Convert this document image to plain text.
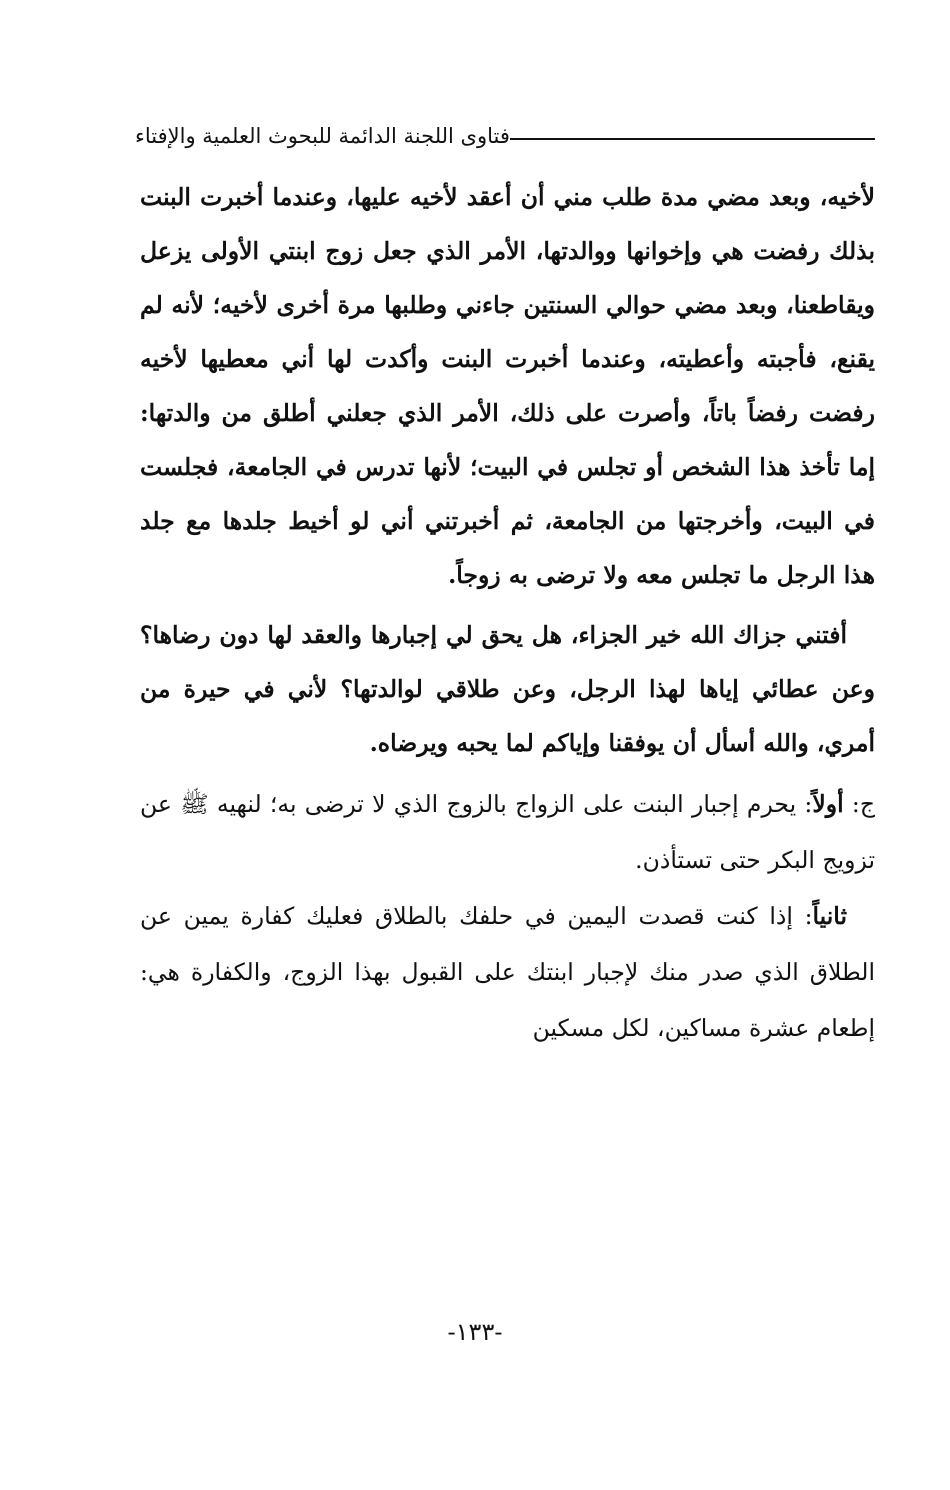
فتاوى اللجنة الدائمة للبحوث العلمية والإفتاء

لأخيه، وبعد مضي مدة طلب مني أن أعقد لأخيه عليها، وعندما أخبرت البنت بذلك رفضت هي وإخوانها ووالدتها، الأمر الذي جعل زوج ابنتي الأولى يزعل ويقاطعنا، وبعد مضي حوالي السنتين جاءني وطلبها مرة أخرى لأخيه؛ لأنه لم يقنع، فأجبته وأعطيته، وعندما أخبرت البنت وأكدت لها أني معطيها لأخيه رفضت رفضاً باتاً، وأصرت على ذلك، الأمر الذي جعلني أطلق من والدتها: إما تأخذ هذا الشخص أو تجلس في البيت؛ لأنها تدرس في الجامعة، فجلست في البيت، وأخرجتها من الجامعة، ثم أخبرتني أني لو أخيط جلدها مع جلد هذا الرجل ما تجلس معه ولا ترضى به زوجاً.

أفتني جزاك الله خير الجزاء، هل يحق لي إجبارها والعقد لها دون رضاها؟ وعن عطائي إياها لهذا الرجل، وعن طلاقي لوالدتها؟ لأني في حيرة من أمري، والله أسأل أن يوفقنا وإياكم لما يحبه ويرضاه.

ج: أولاً: يحرم إجبار البنت على الزواج بالزوج الذي لا ترضى به؛ لنهيه ﷺ عن تزويج البكر حتى تستأذن.

ثانياً: إذا كنت قصدت اليمين في حلفك بالطلاق فعليك كفارة يمين عن الطلاق الذي صدر منك لإجبار ابنتك على القبول بهذا الزوج، والكفارة هي: إطعام عشرة مساكين، لكل مسكين

-١٣٣-
